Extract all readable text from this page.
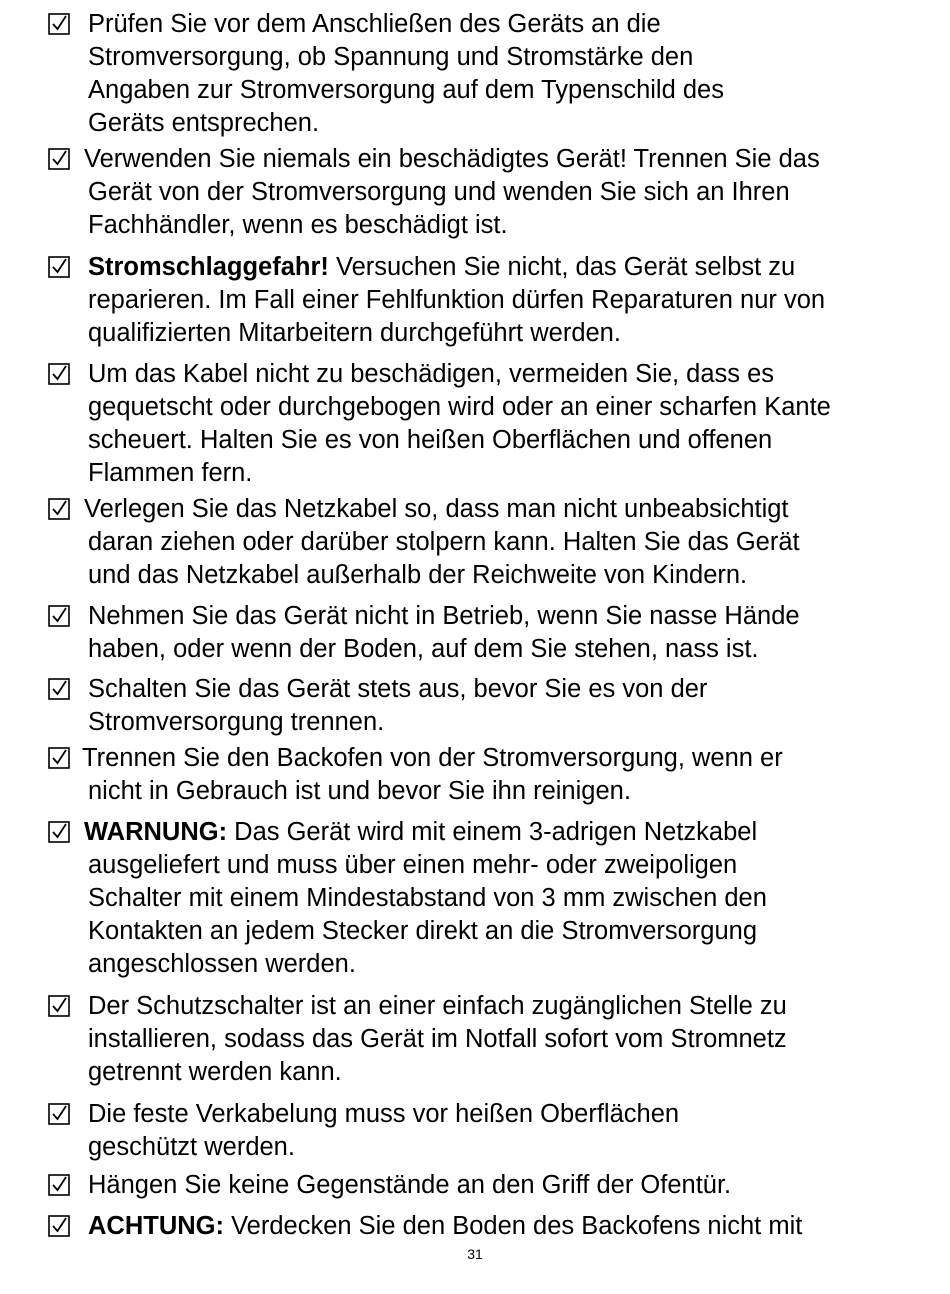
Prüfen Sie vor dem Anschließen des Geräts an die
Stromversorgung, ob Spannung und Stromstärke den
Angaben zur Stromversorgung auf dem Typenschild des
Geräts entsprechen.
Verwenden Sie niemals ein beschädigtes Gerät! Trennen Sie das
Gerät von der Stromversorgung und wenden Sie sich an Ihren
Fachhändler, wenn es beschädigt ist.
Stromschlaggefahr! Versuchen Sie nicht, das Gerät selbst zu
reparieren. Im Fall einer Fehlfunktion dürfen Reparaturen nur von
qualifizierten Mitarbeitern durchgeführt werden.
Um das Kabel nicht zu beschädigen, vermeiden Sie, dass es
gequetscht oder durchgebogen wird oder an einer scharfen Kante
scheuert. Halten Sie es von heißen Oberflächen und offenen
Flammen fern.
Verlegen Sie das Netzkabel so, dass man nicht unbeabsichtigt
daran ziehen oder darüber stolpern kann. Halten Sie das Gerät
und das Netzkabel außerhalb der Reichweite von Kindern.
Nehmen Sie das Gerät nicht in Betrieb, wenn Sie nasse Hände
haben, oder wenn der Boden, auf dem Sie stehen, nass ist.
Schalten Sie das Gerät stets aus, bevor Sie es von der
Stromversorgung trennen.
Trennen Sie den Backofen von der Stromversorgung, wenn er
nicht in Gebrauch ist und bevor Sie ihn reinigen.
WARNUNG: Das Gerät wird mit einem 3-adrigen Netzkabel
ausgeliefert und muss über einen mehr- oder zweipoligen
Schalter mit einem Mindestabstand von 3 mm zwischen den
Kontakten an jedem Stecker direkt an die Stromversorgung
angeschlossen werden.
Der Schutzschalter ist an einer einfach zugänglichen Stelle zu
installieren, sodass das Gerät im Notfall sofort vom Stromnetz
getrennt werden kann.
Die feste Verkabelung muss vor heißen Oberflächen
geschützt werden.
Hängen Sie keine Gegenstände an den Griff der Ofentür.
ACHTUNG: Verdecken Sie den Boden des Backofens nicht mit
31
